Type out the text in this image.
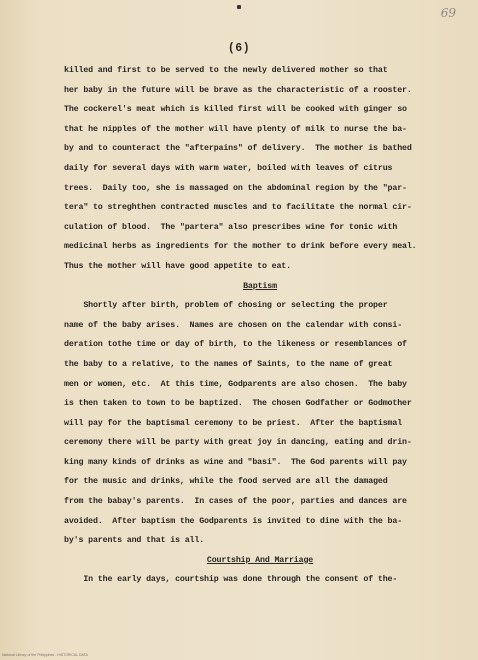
69
(6)
killed and first to be served to the newly delivered mother so that
her baby in the future will be brave as the characteristic of a rooster.
The cockerel's meat which is killed first will be cooked with ginger so
that he nipples of the mother will have plenty of milk to nurse the ba-
by and to counteract the "afterpains" of delivery.  The mother is bathed
daily for several days with warm water, boiled with leaves of citrus
trees.  Daily too, she is massaged on the abdominal region by the "par-
tera" to streghthen contracted muscles and to facilitate the normal cir-
culation of blood.  The "partera" also prescribes wine for tonic with
medicinal herbs as ingredients for the mother to drink before every meal.
Thus the mother will have good appetite to eat.
Baptism
Shortly after birth, problem of chosing or selecting the proper
name of the baby arises.  Names are chosen on the calendar with consi-
deration tothe time or day of birth, to the likeness or resemblances of
the baby to a relative, to the names of Saints, to the name of great
men or women, etc.  At this time, Godparents are also chosen.  The baby
is then taken to town to be baptized.  The chosen Godfather or Godmother
will pay for the baptismal ceremony to be priest.  After the baptismal
ceremony there will be party with great joy in dancing, eating and drin-
king many kinds of drinks as wine and "basi".  The God parents will pay
for the music and drinks, while the food served are all the damaged
from the babay's parents.  In cases of the poor, parties and dances are
avoided.  After baptism the Godparents is invited to dine with the ba-
by's parents and that is all.
Courtship And Marriage
In the early days, courtship was done through the consent of the-
National Library of the Philippines - HISTORICAL DATA
